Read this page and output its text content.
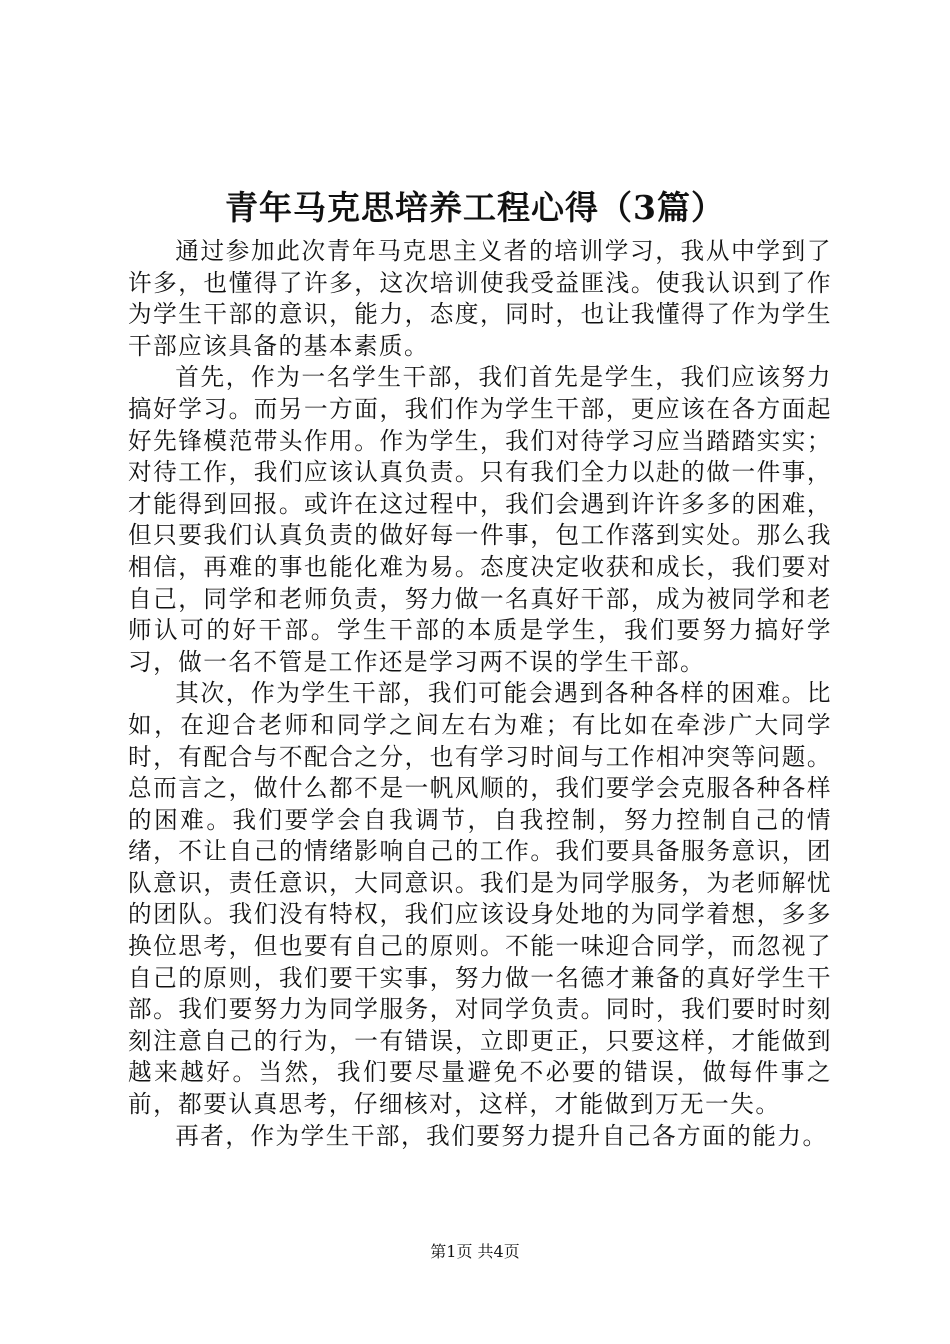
青年马克思培养工程心得（3篇）

通过参加此次青年马克思主义者的培训学习，我从中学到了许多，也懂得了许多，这次培训使我受益匪浅。使我认识到了作为学生干部的意识，能力，态度，同时，也让我懂得了作为学生干部应该具备的基本素质。

首先，作为一名学生干部，我们首先是学生，我们应该努力搞好学习。而另一方面，我们作为学生干部，更应该在各方面起好先锋模范带头作用。作为学生，我们对待学习应当踏踏实实；对待工作，我们应该认真负责。只有我们全力以赴的做一件事，才能得到回报。或许在这过程中，我们会遇到许许多多的困难，但只要我们认真负责的做好每一件事，包工作落到实处。那么我相信，再难的事也能化难为易。态度决定收获和成长，我们要对自己，同学和老师负责，努力做一名真好干部，成为被同学和老师认可的好干部。学生干部的本质是学生，我们要努力搞好学习，做一名不管是工作还是学习两不误的学生干部。

其次，作为学生干部，我们可能会遇到各种各样的困难。比如，在迎合老师和同学之间左右为难；有比如在牵涉广大同学时，有配合与不配合之分，也有学习时间与工作相冲突等问题。总而言之，做什么都不是一帆风顺的，我们要学会克服各种各样的困难。我们要学会自我调节，自我控制，努力控制自己的情绪，不让自己的情绪影响自己的工作。我们要具备服务意识，团队意识，责任意识，大同意识。我们是为同学服务，为老师解忧的团队。我们没有特权，我们应该设身处地的为同学着想，多多换位思考，但也要有自己的原则。不能一味迎合同学，而忽视了自己的原则，我们要干实事，努力做一名德才兼备的真好学生干部。我们要努力为同学服务，对同学负责。同时，我们要时时刻刻注意自己的行为，一有错误，立即更正，只要这样，才能做到越来越好。当然，我们要尽量避免不必要的错误，做每件事之前，都要认真思考，仔细核对，这样，才能做到万无一失。

再者，作为学生干部，我们要努力提升自己各方面的能力。

第1页 共4页
